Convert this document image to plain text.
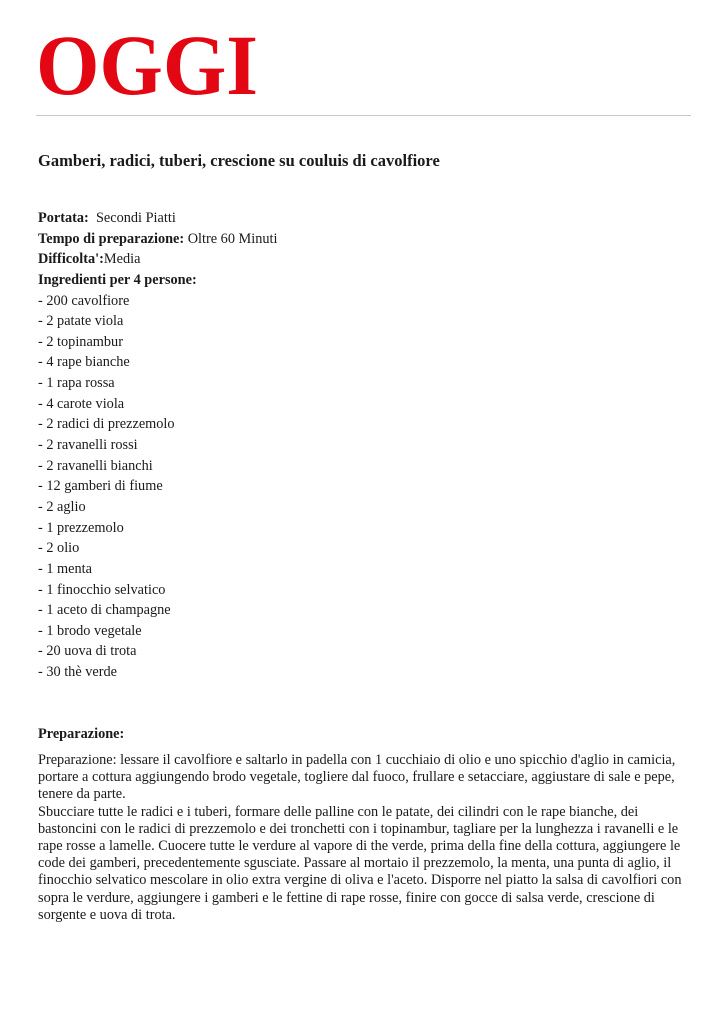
OGGI
Gamberi, radici, tuberi, crescione su couluis di cavolfiore
Portata: Secondi Piatti
Tempo di preparazione: Oltre 60 Minuti
Difficolta':Media
Ingredienti per 4 persone:
- 200 cavolfiore
- 2 patate viola
- 2 topinambur
- 4 rape bianche
- 1 rapa rossa
- 4 carote viola
- 2 radici di prezzemolo
- 2 ravanelli rossi
- 2 ravanelli bianchi
- 12 gamberi di fiume
- 2 aglio
- 1 prezzemolo
- 2 olio
- 1 menta
- 1 finocchio selvatico
- 1 aceto di champagne
- 1 brodo vegetale
- 20 uova di trota
- 30 thè verde
Preparazione:

Preparazione: lessare il cavolfiore e saltarlo in padella con 1 cucchiaio di olio e uno spicchio d'aglio in camicia, portare a cottura aggiungendo brodo vegetale, togliere dal fuoco, frullare e setacciare, aggiustare di sale e pepe, tenere da parte.

Sbucciare tutte le radici e i tuberi, formare delle palline con le patate, dei cilindri con le rape bianche, dei bastoncini con le radici di prezzemolo e dei tronchetti con i topinambur, tagliare per la lunghezza i ravanelli e le rape rosse a lamelle. Cuocere tutte le verdure al vapore di the verde, prima della fine della cottura, aggiungere le code dei gamberi, precedentemente sgusciate. Passare al mortaio il prezzemolo, la menta, una punta di aglio, il finocchio selvatico mescolare in olio extra vergine di oliva e l'aceto. Disporre nel piatto la salsa di cavolfiori con sopra le verdure, aggiungere i gamberi e le fettine di rape rosse, finire con gocce di salsa verde, crescione di sorgente e uova di trota.
